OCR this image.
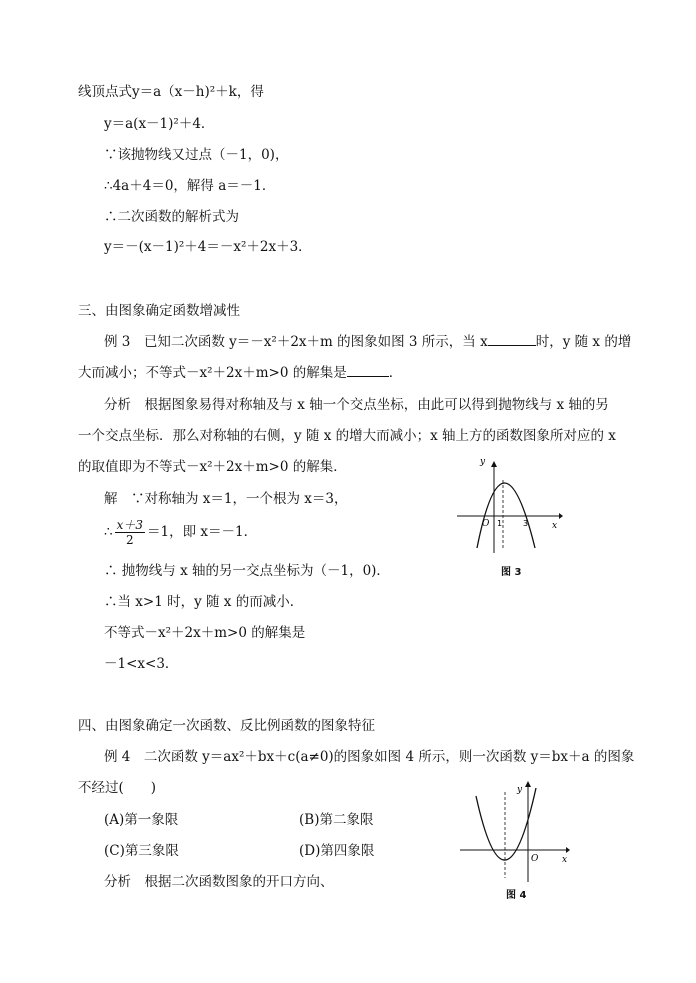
线顶点式y＝a（x－h)²＋k，得
y＝a(x－1)²＋4．
∵该抛物线又过点（－1，0)，
∴4a＋4＝0，解得 a＝－1．
∴二次函数的解析式为
y＝－(x－1)²＋4＝－x²＋2x＋3．
三、由图象确定函数增减性
例 3　已知二次函数 y＝－x²＋2x＋m 的图象如图 3 所示，当 x	时，y 随 x 的增
大而减小；不等式－x²＋2x＋m>0 的解集是	．
分析　根据图象易得对称轴及与 x 轴一个交点坐标，由此可以得到抛物线与 x 轴的另
一个交点坐标．那么对称轴的右侧，y 随 x 的增大而减小；x 轴上方的函数图象所对应的 x
的取值即为不等式－x²＋2x＋m>0 的解集．
解　∵对称轴为 x＝1，一个根为 x＝3，
∴ $\frac{x+3}{2} =1$，即 x＝－1．
∴ 抛物线与 x 轴的另一交点坐标为（－1，0)．
∴当 x>1 时，y 随 x 的而减小．
不等式－x²＋2x＋m>0 的解集是
－1<x<3．
y
x
O 1	3
图 3
四、由图象确定一次函数、反比例函数的图象特征
例 4　二次函数 y＝ax²＋bx＋c(a≠0)的图象如图 4 所示，则一次函数 y＝bx＋a 的图象
不经过(　　)
(A)第一象限	(B)第二象限
(C)第三象限	(D)第四象限
分析　根据二次函数图象的开口方向、
y
x
O
图 4
